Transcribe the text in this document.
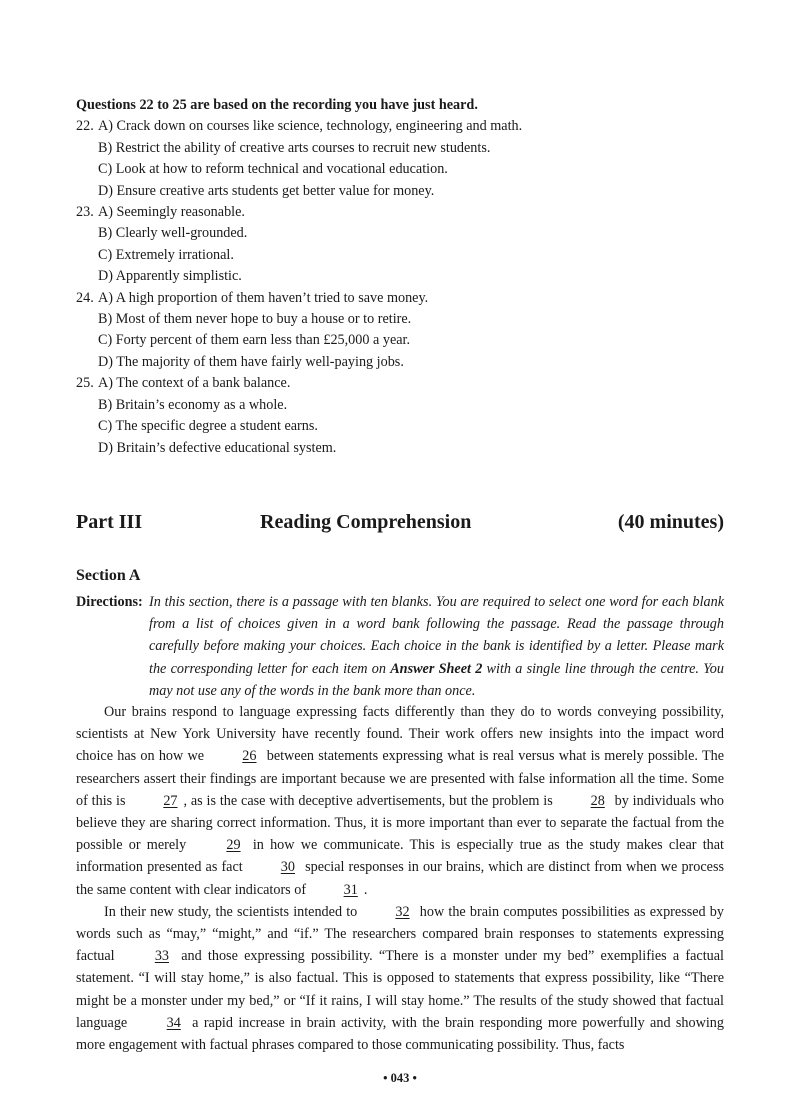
Questions 22 to 25 are based on the recording you have just heard.
22. A) Crack down on courses like science, technology, engineering and math.
B) Restrict the ability of creative arts courses to recruit new students.
C) Look at how to reform technical and vocational education.
D) Ensure creative arts students get better value for money.
23. A) Seemingly reasonable.
B) Clearly well-grounded.
C) Extremely irrational.
D) Apparently simplistic.
24. A) A high proportion of them haven’t tried to save money.
B) Most of them never hope to buy a house or to retire.
C) Forty percent of them earn less than £25,000 a year.
D) The majority of them have fairly well-paying jobs.
25. A) The context of a bank balance.
B) Britain’s economy as a whole.
C) The specific degree a student earns.
D) Britain’s defective educational system.
Part III	Reading Comprehension	(40 minutes)
Section A
Directions: In this section, there is a passage with ten blanks. You are required to select one word for each blank from a list of choices given in a word bank following the passage. Read the passage through carefully before making your choices. Each choice in the bank is identified by a letter. Please mark the corresponding letter for each item on Answer Sheet 2 with a single line through the centre. You may not use any of the words in the bank more than once.

Our brains respond to language expressing facts differently than they do to words conveying possibility, scientists at New York University have recently found. Their work offers new insights into the impact word choice has on how we 26 between statements expressing what is real versus what is merely possible. The researchers assert their findings are important because we are presented with false information all the time. Some of this is 27 , as is the case with deceptive advertisements, but the problem is 28 by individuals who believe they are sharing correct information. Thus, it is more important than ever to separate the factual from the possible or merely 29 in how we communicate. This is especially true as the study makes clear that information presented as fact 30 special responses in our brains, which are distinct from when we process the same content with clear indicators of 31 .

In their new study, the scientists intended to 32 how the brain computes possibilities as expressed by words such as “may,” “might,” and “if.” The researchers compared brain responses to statements expressing factual 33 and those expressing possibility. “There is a monster under my bed” exemplifies a factual statement. “I will stay home,” is also factual. This is opposed to statements that express possibility, like “There might be a monster under my bed,” or “If it rains, I will stay home.” The results of the study showed that factual language 34 a rapid increase in brain activity, with the brain responding more powerfully and showing more engagement with factual phrases compared to those communicating possibility. Thus, facts

• 043 •
